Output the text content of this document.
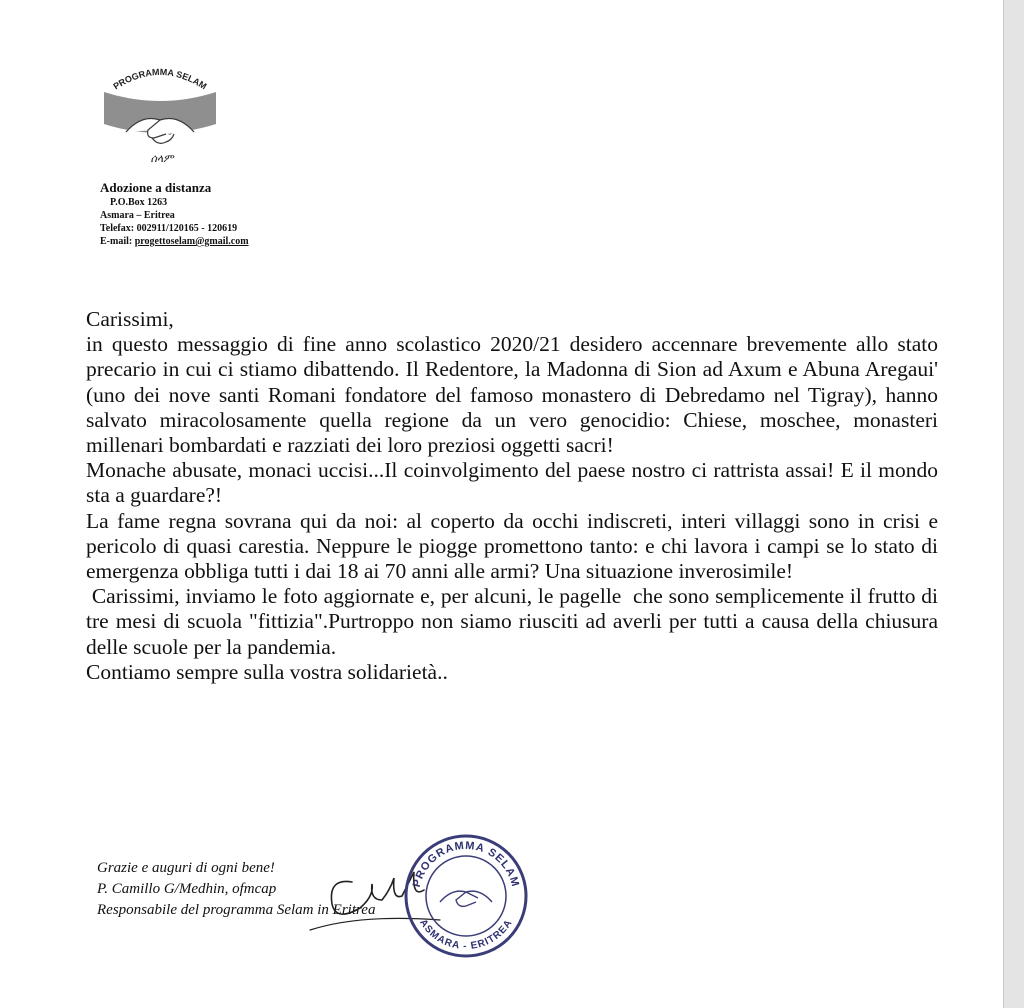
PROGRAMMA SELAM
ሰላም
Adozione a distanza
P.O.Box 1263
Asmara – Eritrea
Telefax: 002911/120165 - 120619
E-mail: progettoselam@gmail.com

Carissimi,

in questo messaggio di fine anno scolastico 2020/21 desidero accennare brevemente allo stato precario in cui ci stiamo dibattendo. Il Redentore, la Madonna di Sion ad Axum e Abuna Aregaui' (uno dei nove santi Romani fondatore del famoso monastero di Debredamo nel Tigray), hanno salvato miracolosamente quella regione da un vero genocidio: Chiese, moschee, monasteri millenari bombardati e razziati dei loro preziosi oggetti sacri!

Monache abusate, monaci uccisi...Il coinvolgimento del paese nostro ci rattrista assai! E il mondo sta a guardare?!

La fame regna sovrana qui da noi: al coperto da occhi indiscreti, interi villaggi sono in crisi e pericolo di quasi carestia. Neppure le piogge promettono tanto: e chi lavora i campi se lo stato di emergenza obbliga tutti i dai 18 ai 70 anni alle armi? Una situazione inverosimile!

Carissimi, inviamo le foto aggiornate e, per alcuni, le pagelle  che sono semplicemente il frutto di tre mesi di scuola "fittizia".Purtroppo non siamo riusciti ad averli per tutti a causa della chiusura delle scuole per la pandemia.

Contiamo sempre sulla vostra solidarietà..

Grazie e auguri di ogni bene!
P. Camillo G/Medhin, ofmcap
Responsabile del programma Selam in Eritrea
PROGRAMMA SELAM
ASMARA - ERITREA
